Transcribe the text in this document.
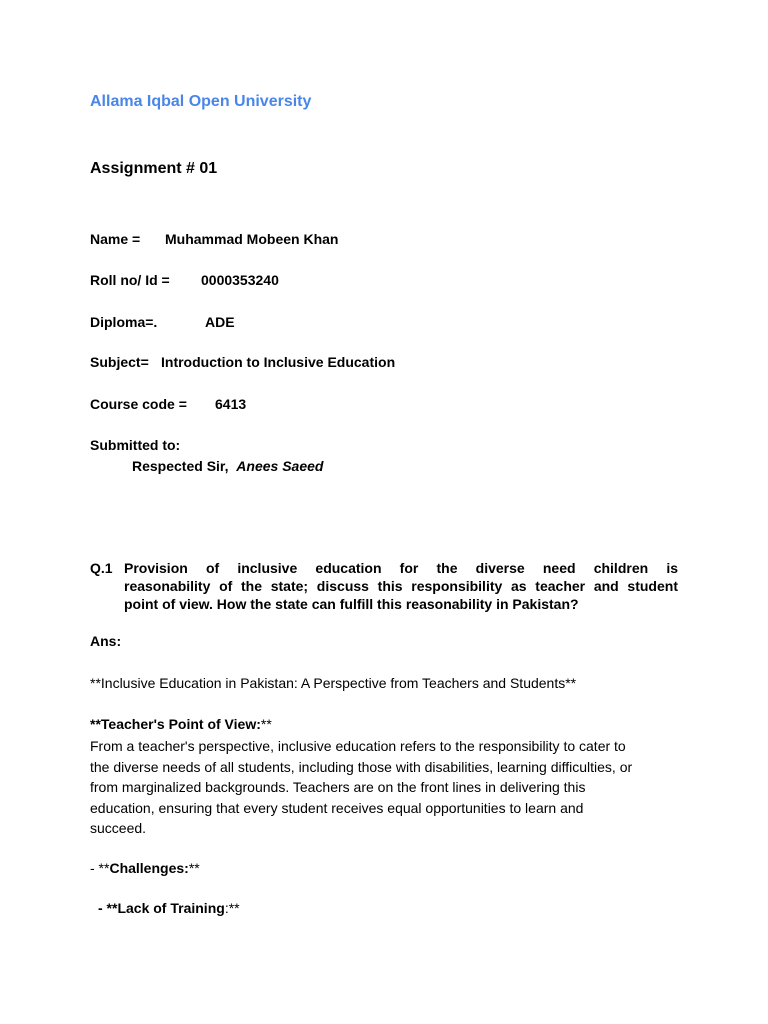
Allama Iqbal Open University
Assignment # 01
Name = Muhammad Mobeen Khan
Roll no/ Id = 0000353240
Diploma=.	ADE
Subject= Introduction to Inclusive Education
Course code = 6413
Submitted to:
Respected Sir, Anees Saeed
Q.1 Provision of inclusive education for the diverse need children is
reasonability of the state; discuss this responsibility as teacher and student
point of view. How the state can fulfill this reasonability in Pakistan?
Ans:
**Inclusive Education in Pakistan: A Perspective from Teachers and Students**
**Teacher's Point of View:**
From a teacher's perspective, inclusive education refers to the responsibility to cater to
the diverse needs of all students, including those with disabilities, learning difficulties, or
from marginalized backgrounds. Teachers are on the front lines in delivering this
education, ensuring that every student receives equal opportunities to learn and
succeed.
- **Challenges:**
- **Lack of Training:**
